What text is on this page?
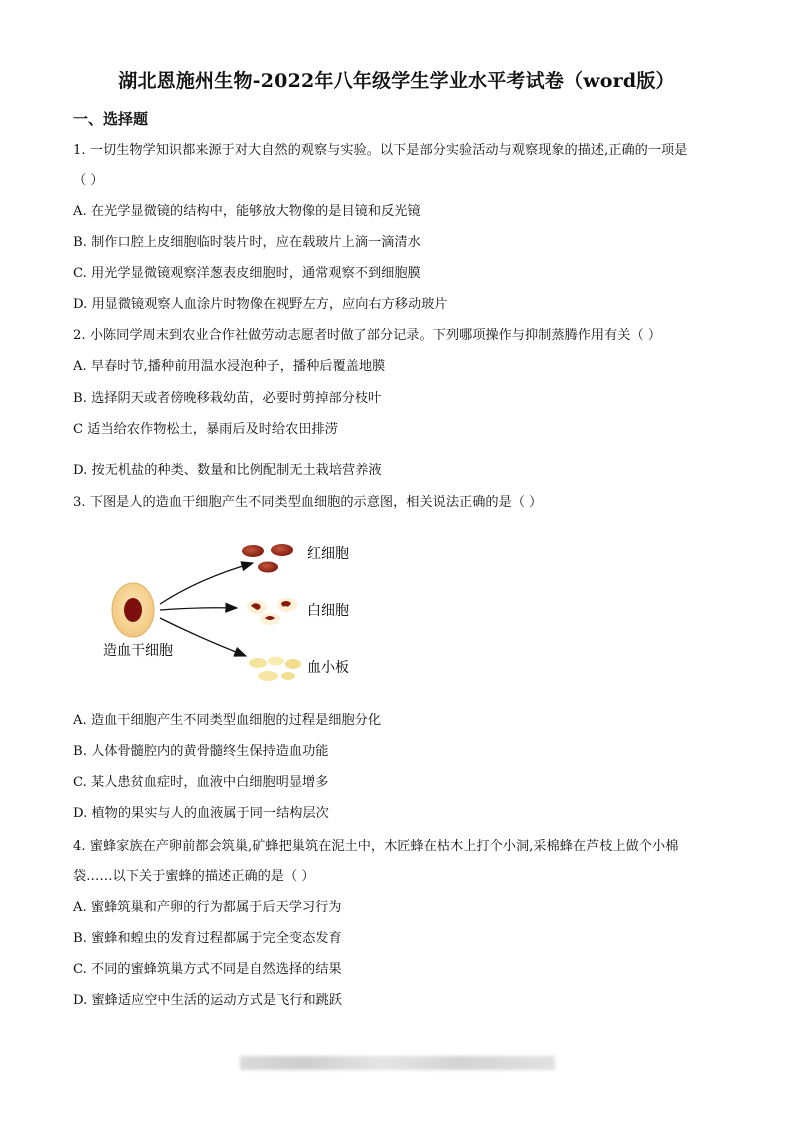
湖北恩施州生物-2022年八年级学生学业水平考试卷（word版）
一、选择题
1. 一切生物学知识都来源于对大自然的观察与实验。以下是部分实验活动与观察现象的描述,正确的一项是
（ ）
A. 在光学显微镜的结构中，能够放大物像的是目镜和反光镜
B. 制作口腔上皮细胞临时装片时，应在载玻片上滴一滴清水
C. 用光学显微镜观察洋葱表皮细胞时，通常观察不到细胞膜
D. 用显微镜观察人血涂片时物像在视野左方，应向右方移动玻片
2. 小陈同学周末到农业合作社做劳动志愿者时做了部分记录。下列哪项操作与抑制蒸腾作用有关（ ）
A. 早春时节,播种前用温水浸泡种子，播种后覆盖地膜
B. 选择阴天或者傍晚移栽幼苗，必要时剪掉部分枝叶
C 适当给农作物松土，暴雨后及时给农田排涝
D. 按无机盐的种类、数量和比例配制无土栽培营养液
3. 下图是人的造血干细胞产生不同类型血细胞的示意图，相关说法正确的是（ ）
红细胞
白细胞
血小板
造血干细胞
A. 造血干细胞产生不同类型血细胞的过程是细胞分化
B. 人体骨髓腔内的黄骨髓终生保持造血功能
C. 某人患贫血症时，血液中白细胞明显增多
D. 植物的果实与人的血液属于同一结构层次
4. 蜜蜂家族在产卵前都会筑巢,矿蜂把巢筑在泥土中，木匠蜂在枯木上打个小洞,采棉蜂在芦枝上做个小棉
袋……以下关于蜜蜂的描述正确的是（ ）
A. 蜜蜂筑巢和产卵的行为都属于后天学习行为
B. 蜜蜂和蝗虫的发育过程都属于完全变态发育
C. 不同的蜜蜂筑巢方式不同是自然选择的结果
D. 蜜蜂适应空中生活的运动方式是飞行和跳跃
